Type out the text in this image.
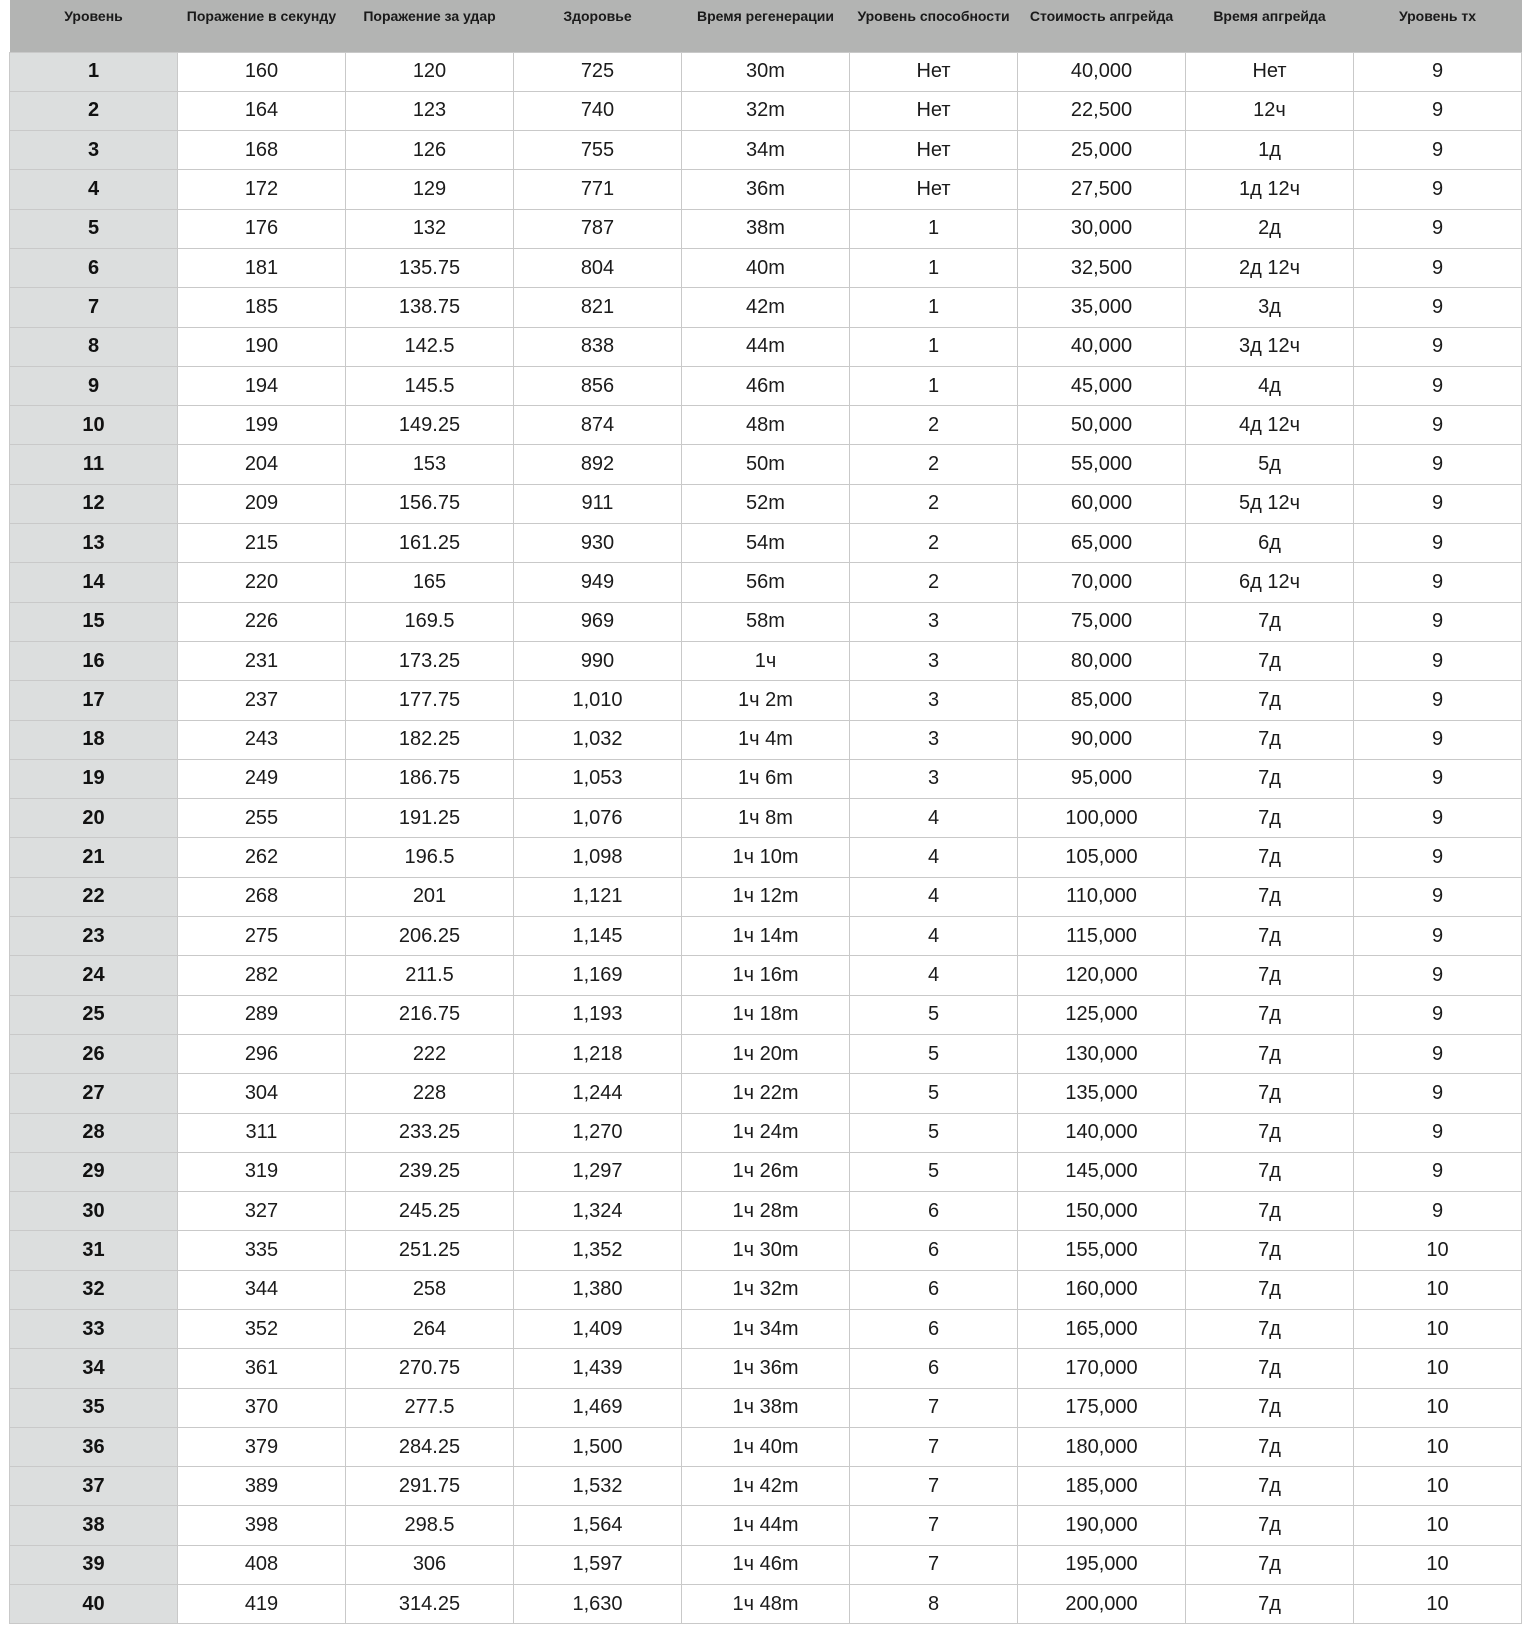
Уровень	Поражение в секунду	Поражение за удар	Здоровье	Время регенерации	Уровень способности	Стоимость апгрейда	Время апгрейда	Уровень тх
1	160	120	725	30m	Нет	40,000	Нет	9
2	164	123	740	32m	Нет	22,500	12ч	9
3	168	126	755	34m	Нет	25,000	1д	9
4	172	129	771	36m	Нет	27,500	1д 12ч	9
5	176	132	787	38m	1	30,000	2д	9
6	181	135.75	804	40m	1	32,500	2д 12ч	9
7	185	138.75	821	42m	1	35,000	3д	9
8	190	142.5	838	44m	1	40,000	3д 12ч	9
9	194	145.5	856	46m	1	45,000	4д	9
10	199	149.25	874	48m	2	50,000	4д 12ч	9
11	204	153	892	50m	2	55,000	5д	9
12	209	156.75	911	52m	2	60,000	5д 12ч	9
13	215	161.25	930	54m	2	65,000	6д	9
14	220	165	949	56m	2	70,000	6д 12ч	9
15	226	169.5	969	58m	3	75,000	7д	9
16	231	173.25	990	1ч	3	80,000	7д	9
17	237	177.75	1,010	1ч 2m	3	85,000	7д	9
18	243	182.25	1,032	1ч 4m	3	90,000	7д	9
19	249	186.75	1,053	1ч 6m	3	95,000	7д	9
20	255	191.25	1,076	1ч 8m	4	100,000	7д	9
21	262	196.5	1,098	1ч 10m	4	105,000	7д	9
22	268	201	1,121	1ч 12m	4	110,000	7д	9
23	275	206.25	1,145	1ч 14m	4	115,000	7д	9
24	282	211.5	1,169	1ч 16m	4	120,000	7д	9
25	289	216.75	1,193	1ч 18m	5	125,000	7д	9
26	296	222	1,218	1ч 20m	5	130,000	7д	9
27	304	228	1,244	1ч 22m	5	135,000	7д	9
28	311	233.25	1,270	1ч 24m	5	140,000	7д	9
29	319	239.25	1,297	1ч 26m	5	145,000	7д	9
30	327	245.25	1,324	1ч 28m	6	150,000	7д	9
31	335	251.25	1,352	1ч 30m	6	155,000	7д	10
32	344	258	1,380	1ч 32m	6	160,000	7д	10
33	352	264	1,409	1ч 34m	6	165,000	7д	10
34	361	270.75	1,439	1ч 36m	6	170,000	7д	10
35	370	277.5	1,469	1ч 38m	7	175,000	7д	10
36	379	284.25	1,500	1ч 40m	7	180,000	7д	10
37	389	291.75	1,532	1ч 42m	7	185,000	7д	10
38	398	298.5	1,564	1ч 44m	7	190,000	7д	10
39	408	306	1,597	1ч 46m	7	195,000	7д	10
40	419	314.25	1,630	1ч 48m	8	200,000	7д	10
